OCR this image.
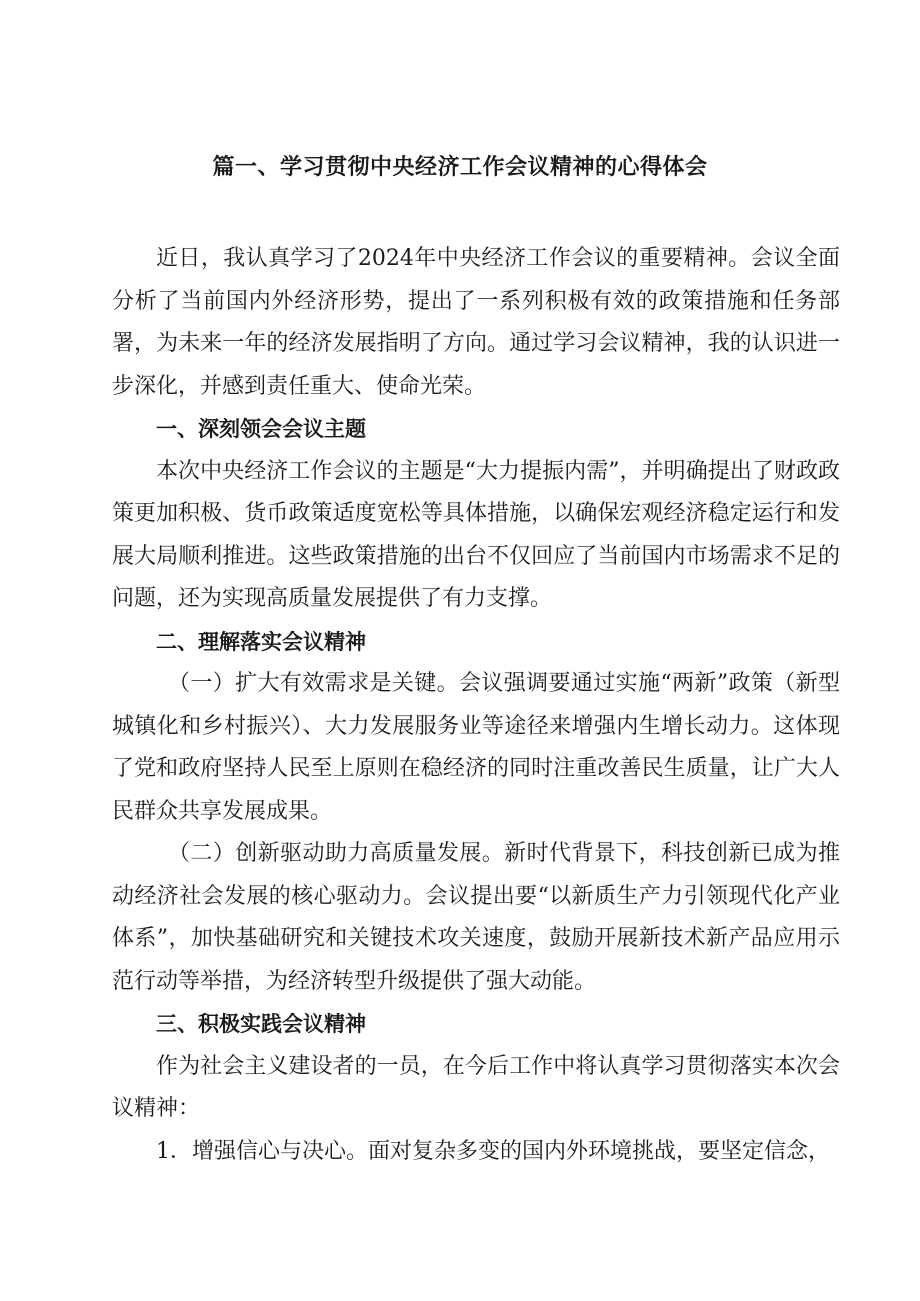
篇一、学习贯彻中央经济工作会议精神的心得体会

近日，我认真学习了2024年中央经济工作会议的重要精神。会议全面分析了当前国内外经济形势，提出了一系列积极有效的政策措施和任务部署，为未来一年的经济发展指明了方向。通过学习会议精神，我的认识进一步深化，并感到责任重大、使命光荣。

一、深刻领会会议主题

本次中央经济工作会议的主题是“大力提振内需”，并明确提出了财政政策更加积极、货币政策适度宽松等具体措施，以确保宏观经济稳定运行和发展大局顺利推进。这些政策措施的出台不仅回应了当前国内市场需求不足的问题，还为实现高质量发展提供了有力支撑。

二、理解落实会议精神

（一）扩大有效需求是关键。会议强调要通过实施“两新”政策（新型城镇化和乡村振兴）、大力发展服务业等途径来增强内生增长动力。这体现了党和政府坚持人民至上原则在稳经济的同时注重改善民生质量，让广大人民群众共享发展成果。

（二）创新驱动助力高质量发展。新时代背景下，科技创新已成为推动经济社会发展的核心驱动力。会议提出要“以新质生产力引领现代化产业体系”，加快基础研究和关键技术攻关速度，鼓励开展新技术新产品应用示范行动等举措，为经济转型升级提供了强大动能。

三、积极实践会议精神

作为社会主义建设者的一员，在今后工作中将认真学习贯彻落实本次会议精神：

1．增强信心与决心。面对复杂多变的国内外环境挑战，要坚定信念，
